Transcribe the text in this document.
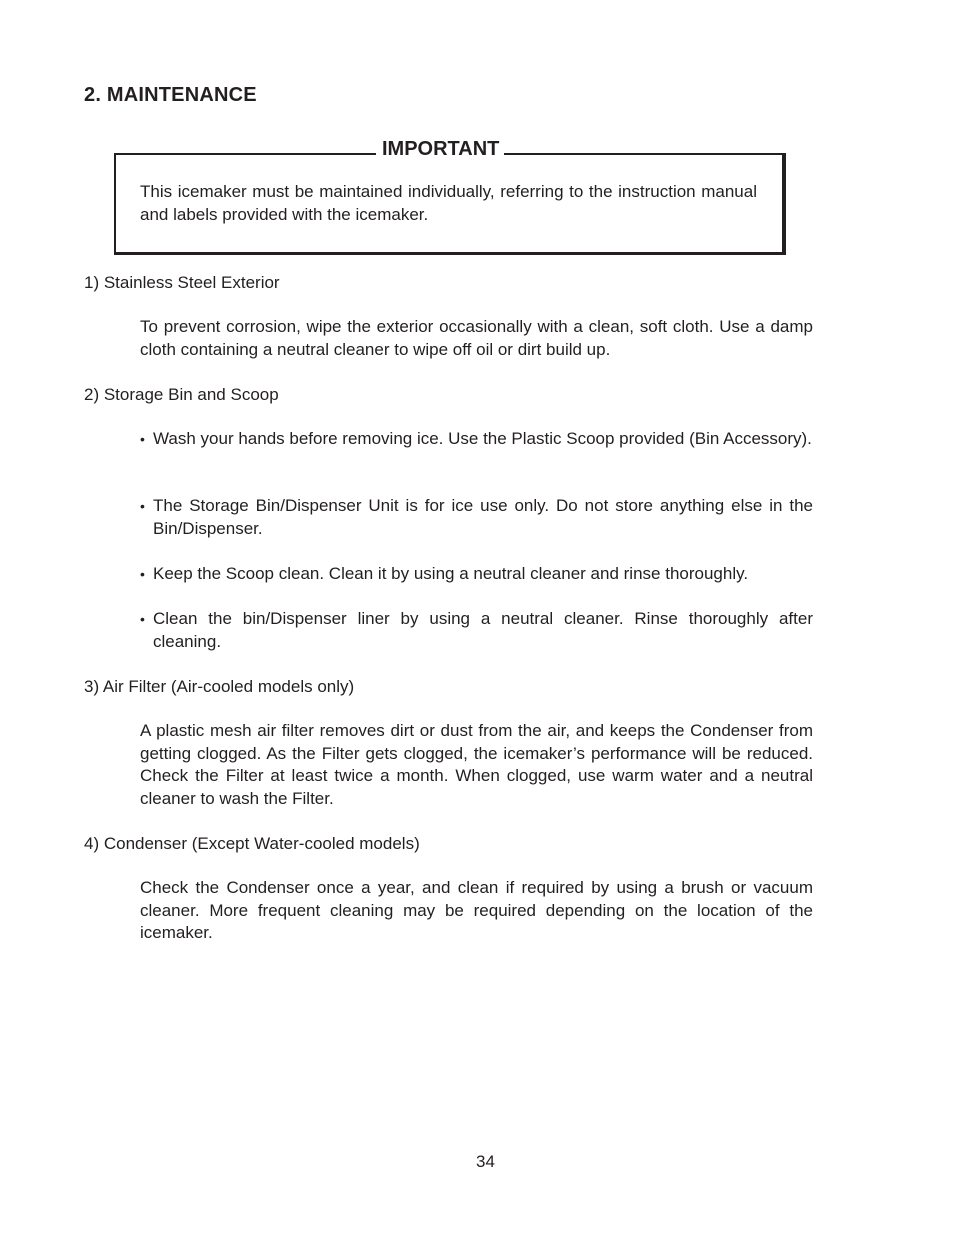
2. MAINTENANCE
IMPORTANT
This icemaker must be maintained individually, referring to the instruction manual and labels provided with the icemaker.
1) Stainless Steel Exterior
To prevent corrosion, wipe the exterior occasionally with a clean, soft cloth. Use a damp cloth containing a neutral cleaner to wipe off oil or dirt build up.
2) Storage Bin and Scoop
• Wash your hands before removing ice. Use the Plastic Scoop provided (Bin Accessory).
• The Storage Bin/Dispenser Unit is for ice use only. Do not store anything else in the Bin/Dispenser.
• Keep the Scoop clean. Clean it by using a neutral cleaner and rinse thoroughly.
• Clean the bin/Dispenser liner by using a neutral cleaner. Rinse thoroughly after cleaning.
3) Air Filter (Air-cooled models only)
A plastic mesh air filter removes dirt or dust from the air, and keeps the Condenser from getting clogged. As the Filter gets clogged, the icemaker’s performance will be reduced. Check the Filter at least twice a month. When clogged, use warm water and a neutral cleaner to wash the Filter.
4) Condenser (Except Water-cooled models)
Check the Condenser once a year, and clean if required by using a brush or vacuum cleaner. More frequent cleaning may be required depending on the location of the icemaker.
34
